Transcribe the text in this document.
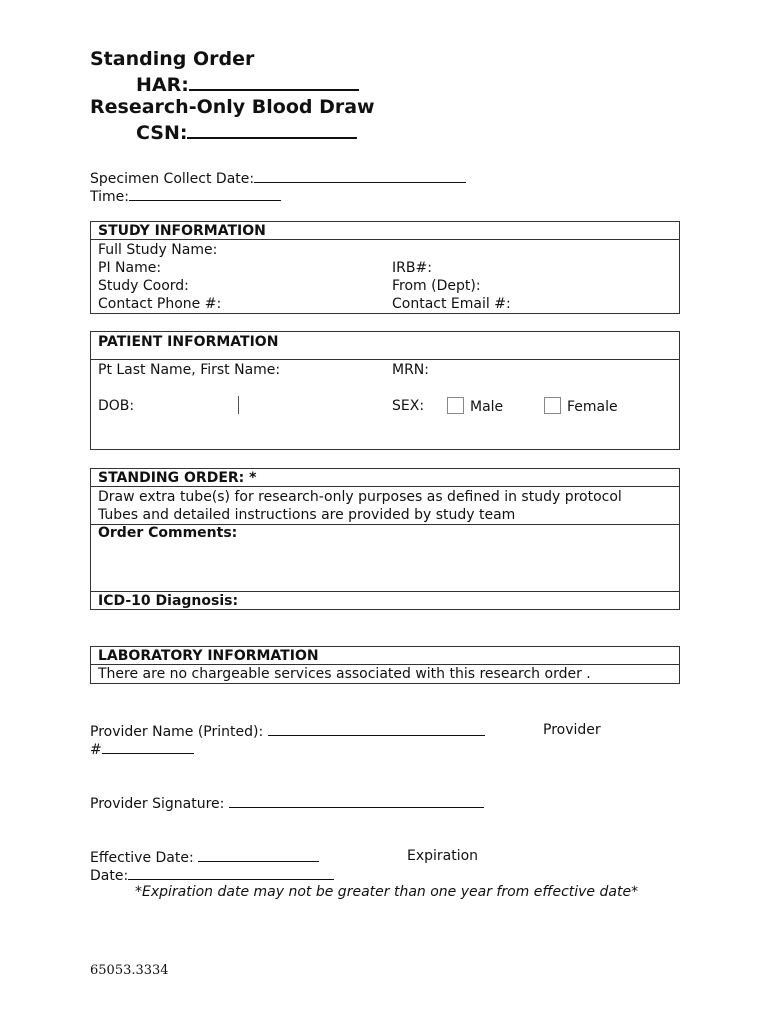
Standing Order
HAR:
Research-Only Blood Draw
CSN:
Specimen Collect Date:
Time:
STUDY INFORMATION
Full Study Name:
PI Name:	IRB#:
Study Coord:	From (Dept):
Contact Phone #:	Contact Email #:
PATIENT INFORMATION
Pt Last Name, First Name:	MRN:
DOB:	SEX:	Male	Female
STANDING ORDER: *
Draw extra tube(s) for research-only purposes as defined in study protocol
Tubes and detailed instructions are provided by study team
Order Comments:
ICD-10 Diagnosis:
LABORATORY INFORMATION
There are no chargeable services associated with this research order .
Provider Name (Printed):	Provider
#
Provider Signature:
Effective Date:	Expiration
Date:
*Expiration date may not be greater than one year from effective date*
65053.3334
